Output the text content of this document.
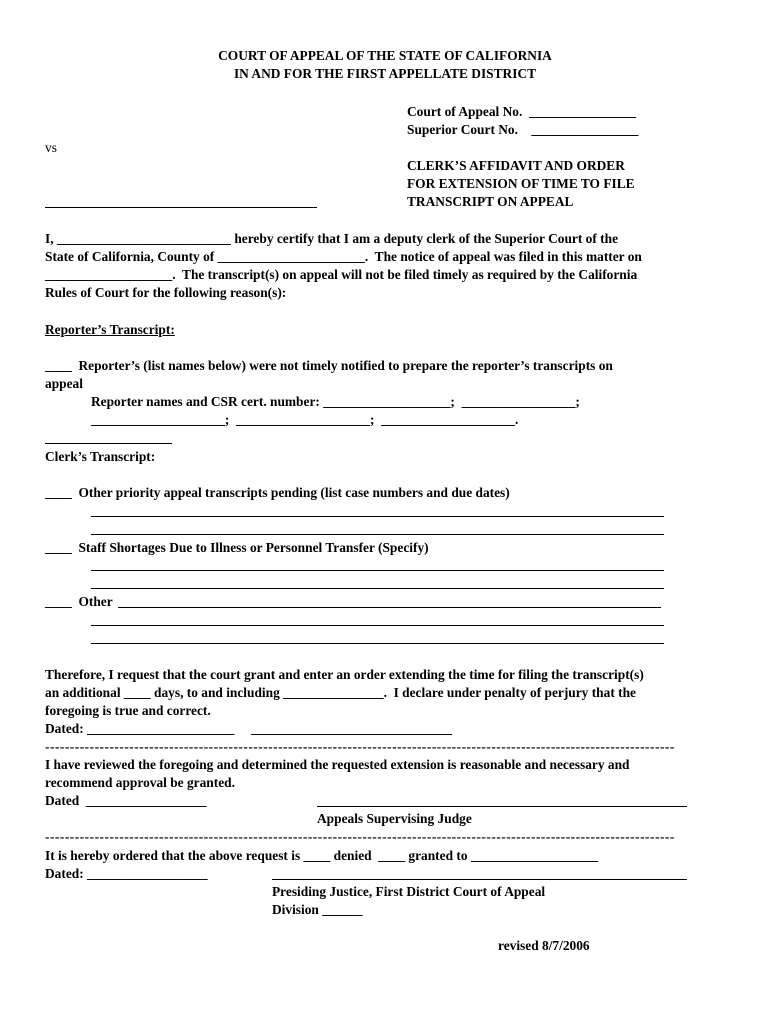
COURT OF APPEAL OF THE STATE OF CALIFORNIA
IN AND FOR THE FIRST APPELLATE DISTRICT
Court of Appeal No.  ________________
Superior Court No.    ________________
vs
CLERK’S AFFIDAVIT AND ORDER
FOR EXTENSION OF TIME TO FILE
TRANSCRIPT ON APPEAL
I, __________________________ hereby certify that I am a deputy clerk of the Superior Court of the
State of California, County of ______________________.  The notice of appeal was filed in this matter on
___________________.  The transcript(s) on appeal will not be filed timely as required by the California
Rules of Court for the following reason(s):
Reporter’s Transcript:
____  Reporter’s (list names below) were not timely notified to prepare the reporter’s transcripts on
appeal
Reporter names and CSR cert. number: ___________________;  _________________;
____________________;  ____________________;  ____________________.
Clerk’s Transcript:
____  Other priority appeal transcripts pending (list case numbers and due dates)
____  Staff Shortages Due to Illness or Personnel Transfer (Specify)
____  Other
Therefore, I request that the court grant and enter an order extending the time for filing the transcript(s)
an additional ____ days, to and including _______________.  I declare under penalty of perjury that the
foregoing is true and correct.
Dated: ______________________     ______________________________
-------------------------------------------------------------------------------------------------------------------------------
I have reviewed the foregoing and determined the requested extension is reasonable and necessary and
recommend approval be granted.
Dated  __________________
Appeals Supervising Judge
-------------------------------------------------------------------------------------------------------------------------------
It is hereby ordered that the above request is ____ denied  ____ granted to ___________________
Dated: __________________
Presiding Justice, First District Court of Appeal
Division ______
revised 8/7/2006
